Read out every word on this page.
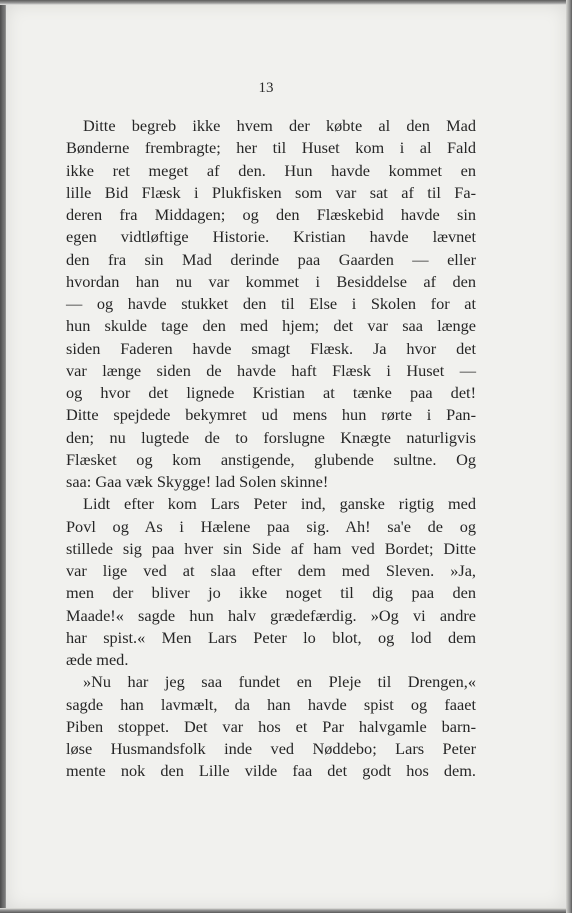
13
Ditte begreb ikke hvem der købte al den Mad
Bønderne frembragte; her til Huset kom i al Fald
ikke ret meget af den. Hun havde kommet en
lille Bid Flæsk i Plukfisken som var sat af til Fa-
deren fra Middagen; og den Flæskebid havde sin
egen vidtløftige Historie. Kristian havde lævnet
den fra sin Mad derinde paa Gaarden — eller
hvordan han nu var kommet i Besiddelse af den
— og havde stukket den til Else i Skolen for at
hun skulde tage den med hjem; det var saa længe
siden Faderen havde smagt Flæsk. Ja hvor det
var længe siden de havde haft Flæsk i Huset —
og hvor det lignede Kristian at tænke paa det!
Ditte spejdede bekymret ud mens hun rørte i Pan-
den; nu lugtede de to forslugne Knægte naturligvis
Flæsket og kom anstigende, glubende sultne. Og
saa: Gaa væk Skygge! lad Solen skinne!
Lidt efter kom Lars Peter ind, ganske rigtig med
Povl og As i Hælene paa sig. Ah! sa'e de og
stillede sig paa hver sin Side af ham ved Bordet; Ditte
var lige ved at slaa efter dem med Sleven. »Ja,
men der bliver jo ikke noget til dig paa den
Maade!« sagde hun halv grædefærdig. »Og vi andre
har spist.« Men Lars Peter lo blot, og lod dem
æde med.
»Nu har jeg saa fundet en Pleje til Drengen,«
sagde han lavmælt, da han havde spist og faaet
Piben stoppet. Det var hos et Par halvgamle barn-
løse Husmandsfolk inde ved Nøddebo; Lars Peter
mente nok den Lille vilde faa det godt hos dem.
